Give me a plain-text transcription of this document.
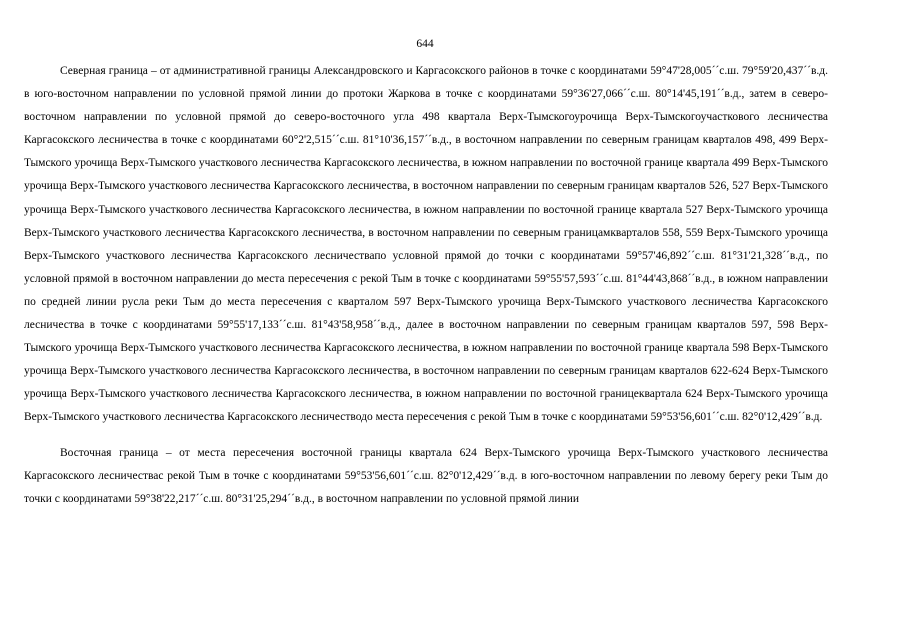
644

Северная граница – от административной границы Александровского и Каргасокского районов в точке с координатами 59°47'28,005´´с.ш. 79°59'20,437´´в.д. в юго-восточном направлении по условной прямой линии до протоки Жаркова в точке с координатами 59°36'27,066´´с.ш. 80°14'45,191´´в.д., затем в северо-восточном направлении по условной прямой до северо-восточного угла 498 квартала Верх-Тымскогоурочища Верх-Тымскогоучасткового лесничества Каргасокского лесничества в точке с координатами 60°2'2,515´´с.ш. 81°10'36,157´´в.д., в восточном направлении по северным границам кварталов 498, 499 Верх-Тымского урочища Верх-Тымского участкового лесничества Каргасокского лесничества, в южном направлении по восточной границе квартала 499 Верх-Тымского урочища Верх-Тымского участкового лесничества Каргасокского лесничества, в восточном направлении по северным границам кварталов 526, 527 Верх-Тымского урочища Верх-Тымского участкового лесничества Каргасокского лесничества, в южном направлении по восточной границе квартала 527 Верх-Тымского урочища Верх-Тымского участкового лесничества Каргасокского лесничества, в восточном направлении по северным границамкварталов 558, 559 Верх-Тымского урочища Верх-Тымского участкового лесничества Каргасокского лесничествапо условной прямой до точки с координатами 59°57'46,892´´с.ш. 81°31'21,328´´в.д., по условной прямой в восточном направлении до места пересечения с рекой Тым в точке с координатами 59°55'57,593´´с.ш. 81°44'43,868´´в.д., в южном направлении по средней линии русла реки Тым до места пересечения с кварталом 597 Верх-Тымского урочища Верх-Тымского участкового лесничества Каргасокского лесничества в точке с координатами 59°55'17,133´´с.ш. 81°43'58,958´´в.д., далее в восточном направлении по северным границам кварталов 597, 598 Верх-Тымского урочища Верх-Тымского участкового лесничества Каргасокского лесничества, в южном направлении по восточной границе квартала 598 Верх-Тымского урочища Верх-Тымского участкового лесничества Каргасокского лесничества, в восточном направлении по северным границам кварталов 622-624 Верх-Тымского урочища Верх-Тымского участкового лесничества Каргасокского лесничества, в южном направлении по восточной границеквартала 624 Верх-Тымского урочища Верх-Тымского участкового лесничества Каргасокского лесничестводо места пересечения с рекой Тым в точке с координатами 59°53'56,601´´с.ш. 82°0'12,429´´в.д.

Восточная граница – от места пересечения восточной границы квартала 624 Верх-Тымского урочища Верх-Тымского участкового лесничества Каргасокского лесничествас рекой Тым в точке с координатами 59°53'56,601´´с.ш. 82°0'12,429´´в.д. в юго-восточном направлении по левому берегу реки Тым до точки с координатами 59°38'22,217´´с.ш. 80°31'25,294´´в.д., в восточном направлении по условной прямой линии
